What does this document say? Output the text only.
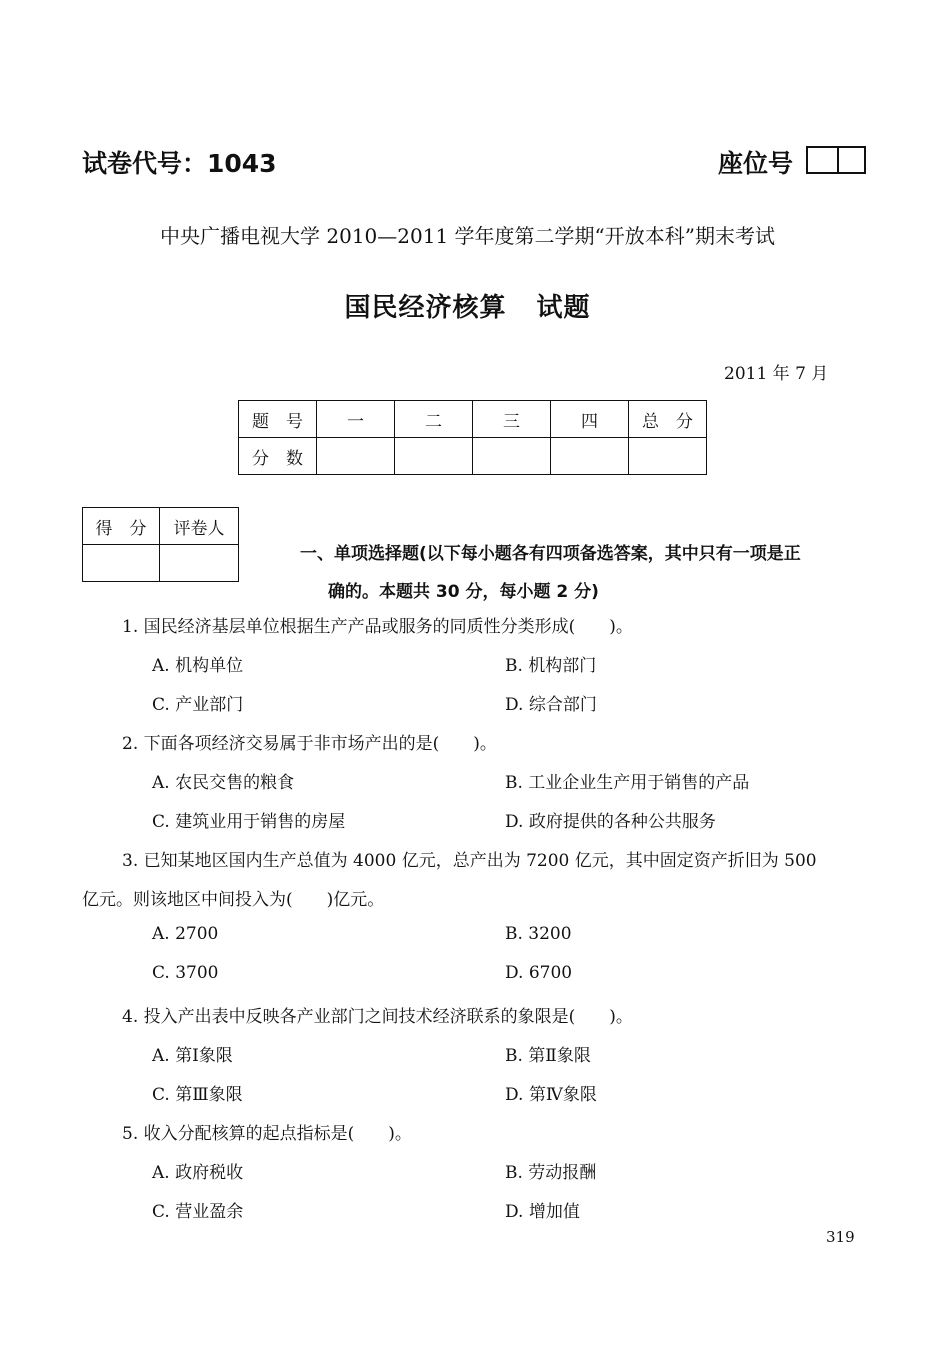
试卷代号：1043	座位号
中央广播电视大学 2010—2011 学年度第二学期“开放本科”期末考试
国民经济核算 试题
2011 年 7 月
题　号	一	二	三	四	总　分
分　数					
得　分	评卷人

一、单项选择题(以下每小题各有四项备选答案，其中只有一项是正
确的。本题共 30 分，每小题 2 分)
1. 国民经济基层单位根据生产产品或服务的同质性分类形成(　　)。
A. 机构单位	B. 机构部门
C. 产业部门	D. 综合部门
2. 下面各项经济交易属于非市场产出的是(　　)。
A. 农民交售的粮食	B. 工业企业生产用于销售的产品
C. 建筑业用于销售的房屋	D. 政府提供的各种公共服务
3. 已知某地区国内生产总值为 4000 亿元，总产出为 7200 亿元，其中固定资产折旧为 500
亿元。则该地区中间投入为(　　)亿元。
A. 2700	B. 3200
C. 3700	D. 6700
4. 投入产出表中反映各产业部门之间技术经济联系的象限是(　　)。
A. 第Ⅰ象限	B. 第Ⅱ象限
C. 第Ⅲ象限	D. 第Ⅳ象限
5. 收入分配核算的起点指标是(　　)。
A. 政府税收	B. 劳动报酬
C. 营业盈余	D. 增加值
319
